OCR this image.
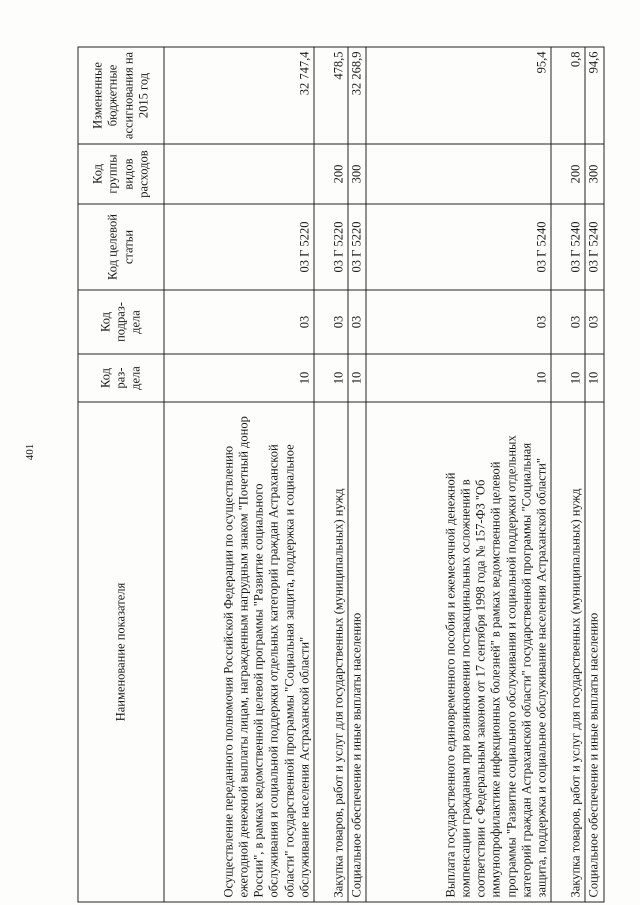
401
Наименование показателя	Код раз-дела	Код подраз-дела	Код целевой статьи	Код группы видов расходов	Измененные бюджетные ассигнования на 2015 год
Осуществление переданного полномочия Российской Федерации по осуществлению ежегодной денежной выплаты лицам, награжденным нагрудным знаком "Почетный донор России", в рамках ведомственной целевой программы "Развитие социального обслуживания и социальной поддержки отдельных категорий граждан Астраханской области" государственной программы "Социальная защита, поддержка и социальное обслуживание населения Астраханской области"	10	03	03 Г 5220		32 747,4
Закупка товаров, работ и услуг для государственных (муниципальных) нужд	10	03	03 Г 5220	200	478,5
Социальное обеспечение и иные выплаты населению	10	03	03 Г 5220	300	32 268,9
Выплата государственного единовременного пособия и ежемесячной денежной компенсации гражданам при возникновении поствакцинальных осложнений в соответствии с Федеральным законом от 17 сентября 1998 года № 157-ФЗ "Об иммунопрофилактике инфекционных болезней" в рамках ведомственной целевой программы "Развитие социального обслуживания и социальной поддержки отдельных категорий граждан Астраханской области" государственной программы "Социальная защита, поддержка и социальное обслуживание населения Астраханской области"	10	03	03 Г 5240		95,4
Закупка товаров, работ и услуг для государственных (муниципальных) нужд	10	03	03 Г 5240	200	0,8
Социальное обеспечение и иные выплаты населению	10	03	03 Г 5240	300	94,6
